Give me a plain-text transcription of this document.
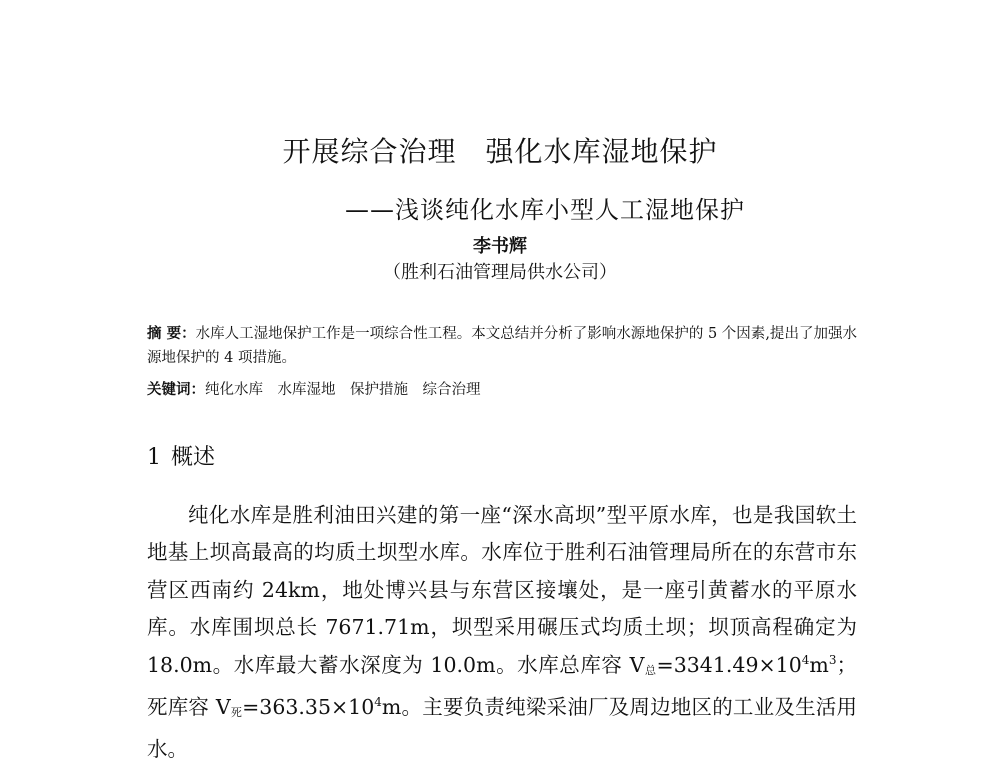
开展综合治理　强化水库湿地保护
——浅谈纯化水库小型人工湿地保护
李书辉
（胜利石油管理局供水公司）
摘 要：水库人工湿地保护工作是一项综合性工程。本文总结并分析了影响水源地保护的 5 个因素,提出了加强水源地保护的 4 项措施。
关键词：纯化水库　水库湿地　保护措施　综合治理
1 概述
纯化水库是胜利油田兴建的第一座“深水高坝”型平原水库，也是我国软土地基上坝高最高的均质土坝型水库。水库位于胜利石油管理局所在的东营市东营区西南约 24km，地处博兴县与东营区接壤处，是一座引黄蓄水的平原水库。水库围坝总长 7671.71m，坝型采用碾压式均质土坝；坝顶高程确定为 18.0m。水库最大蓄水深度为 10.0m。水库总库容 V总$=3341.49\times 10^4m^3$；死库容 V死$=363.35\times 10^4m$。主要负责纯梁采油厂及周边地区的工业及生活用水。
